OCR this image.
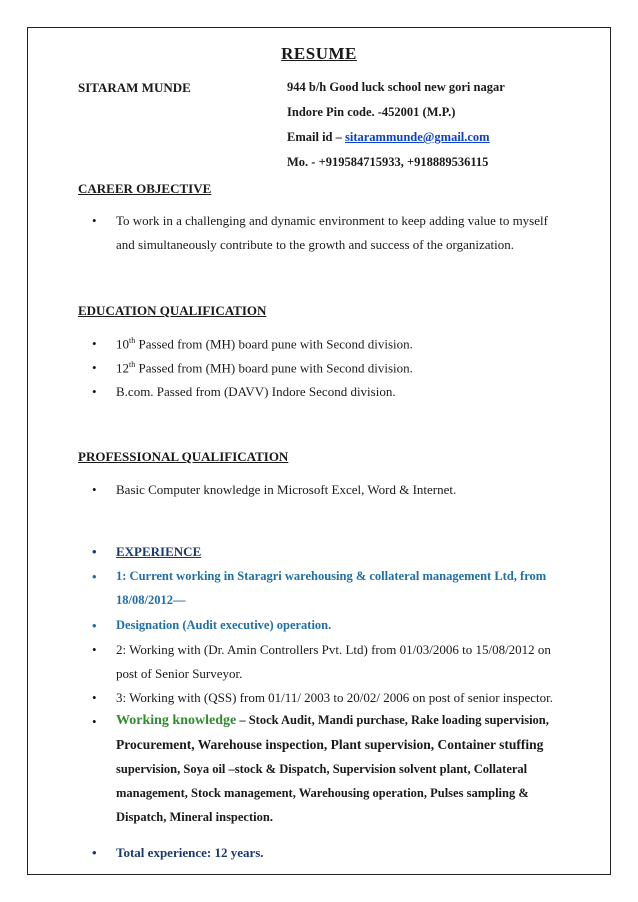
RESUME
SITARAM MUNDE	944 b/h Good luck school new gori nagar
Indore Pin code. -452001 (M.P.)
Email id – sitarammunde@gmail.com
Mo. - +919584715933, +918889536115
CAREER OBJECTIVE
•	To work in a challenging and dynamic environment to keep adding value to myself
and simultaneously contribute to the growth and success of the organization.
EDUCATION QUALIFICATION
•	10th Passed from (MH) board pune with Second division.
•	12th Passed from (MH) board pune with Second division.
•	B.com. Passed from (DAVV) Indore Second division.
PROFESSIONAL QUALIFICATION
•	Basic Computer knowledge in Microsoft Excel, Word & Internet.
•	EXPERIENCE
•	1: Current working in Staragri warehousing & collateral management Ltd, from
18/08/2012—
•	Designation (Audit executive) operation.
•	2: Working with (Dr. Amin Controllers Pvt. Ltd) from 01/03/2006 to 15/08/2012 on
post of Senior Surveyor.
•	3: Working with (QSS) from 01/11/ 2003 to 20/02/ 2006 on post of senior inspector.
•	Working knowledge – Stock Audit, Mandi purchase, Rake loading supervision,
Procurement, Warehouse inspection, Plant supervision, Container stuffing
supervision, Soya oil –stock & Dispatch, Supervision solvent plant, Collateral
management, Stock management, Warehousing operation, Pulses sampling &
Dispatch, Mineral inspection.
•	Total experience: 12 years.
